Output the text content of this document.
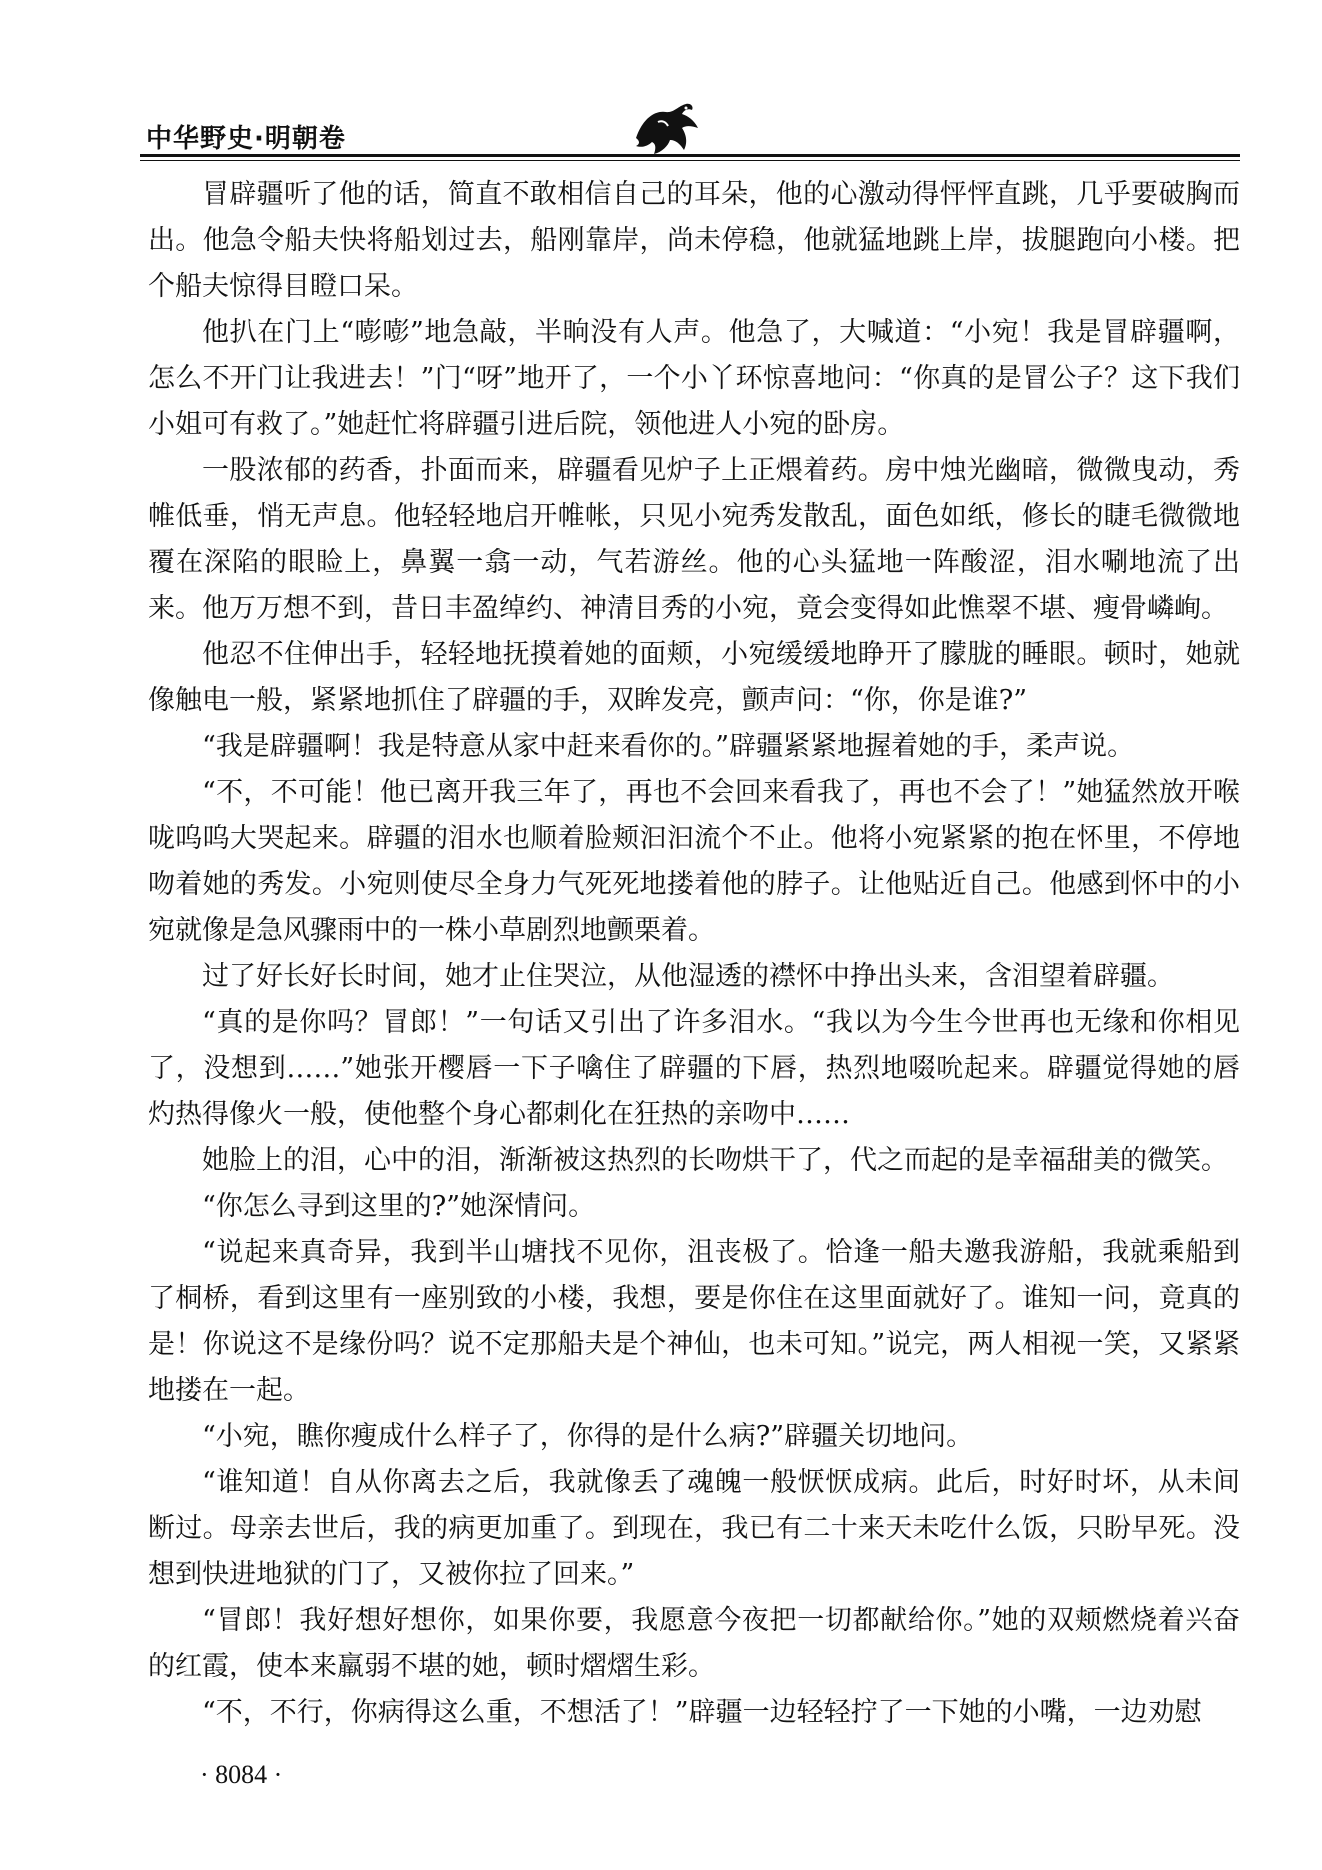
中华野史·明朝卷

冒辟疆听了他的话，简直不敢相信自己的耳朵，他的心激动得怦怦直跳，几乎要破胸而出。他急令船夫快将船划过去，船刚靠岸，尚未停稳，他就猛地跳上岸，拔腿跑向小楼。把个船夫惊得目瞪口呆。

他扒在门上“嘭嘭”地急敲，半晌没有人声。他急了，大喊道：“小宛！我是冒辟疆啊，怎么不开门让我进去！”门“呀”地开了，一个小丫环惊喜地问：“你真的是冒公子？这下我们小姐可有救了。”她赶忙将辟疆引进后院，领他进人小宛的卧房。

一股浓郁的药香，扑面而来，辟疆看见炉子上正煨着药。房中烛光幽暗，微微曳动，秀帷低垂，悄无声息。他轻轻地启开帷帐，只见小宛秀发散乱，面色如纸，修长的睫毛微微地覆在深陷的眼睑上，鼻翼一翕一动，气若游丝。他的心头猛地一阵酸涩，泪水唰地流了出来。他万万想不到，昔日丰盈绰约、神清目秀的小宛，竟会变得如此憔翠不堪、瘦骨嶙峋。

他忍不住伸出手，轻轻地抚摸着她的面颊，小宛缓缓地睁开了朦胧的睡眼。顿时，她就像触电一般，紧紧地抓住了辟疆的手，双眸发亮，颤声问：“你，你是谁?”

“我是辟疆啊！我是特意从家中赶来看你的。”辟疆紧紧地握着她的手，柔声说。

“不，不可能！他已离开我三年了，再也不会回来看我了，再也不会了！”她猛然放开喉咙呜呜大哭起来。辟疆的泪水也顺着脸颊汩汩流个不止。他将小宛紧紧的抱在怀里，不停地吻着她的秀发。小宛则使尽全身力气死死地搂着他的脖子。让他贴近自己。他感到怀中的小宛就像是急风骤雨中的一株小草剧烈地颤栗着。

过了好长好长时间，她才止住哭泣，从他湿透的襟怀中挣出头来，含泪望着辟疆。

“真的是你吗？冒郎！”一句话又引出了许多泪水。“我以为今生今世再也无缘和你相见了，没想到……”她张开樱唇一下子噙住了辟疆的下唇，热烈地啜吮起来。辟疆觉得她的唇灼热得像火一般，使他整个身心都刺化在狂热的亲吻中……

她脸上的泪，心中的泪，渐渐被这热烈的长吻烘干了，代之而起的是幸福甜美的微笑。

“你怎么寻到这里的?”她深情问。

“说起来真奇异，我到半山塘找不见你，沮丧极了。恰逢一船夫邀我游船，我就乘船到了桐桥，看到这里有一座别致的小楼，我想，要是你住在这里面就好了。谁知一问，竟真的是！你说这不是缘份吗？说不定那船夫是个神仙，也未可知。”说完，两人相视一笑，又紧紧地搂在一起。

“小宛，瞧你瘦成什么样子了，你得的是什么病?”辟疆关切地问。

“谁知道！自从你离去之后，我就像丢了魂魄一般恹恹成病。此后，时好时坏，从未间断过。母亲去世后，我的病更加重了。到现在，我已有二十来天未吃什么饭，只盼早死。没想到快进地狱的门了，又被你拉了回来。”

“冒郎！我好想好想你，如果你要，我愿意今夜把一切都献给你。”她的双颊燃烧着兴奋的红霞，使本来羸弱不堪的她，顿时熠熠生彩。

“不，不行，你病得这么重，不想活了！”辟疆一边轻轻拧了一下她的小嘴，一边劝慰

· 8084 ·
